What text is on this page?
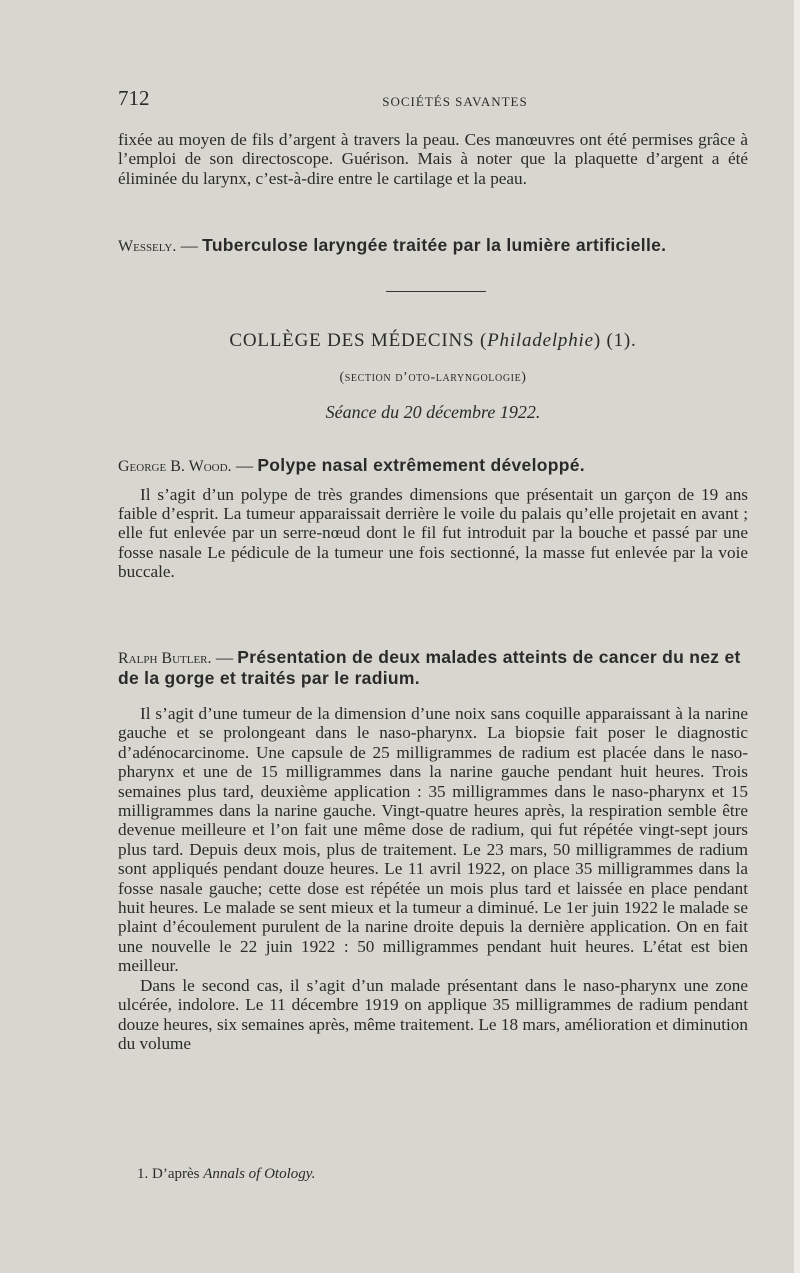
712	SOCIÉTÉS SAVANTES

fixée au moyen de fils d’argent à travers la peau. Ces manœuvres ont été permises grâce à l’emploi de son directoscope. Guérison. Mais à noter que la plaquette d’argent a été éliminée du larynx, c’est-à-dire entre le cartilage et la peau.

Wessely. — Tuberculose laryngée traitée par la lumière artificielle.

COLLÈGE DES MÉDECINS (Philadelphie) (1).
(section d’oto-laryngologie)
Séance du 20 décembre 1922.

George B. Wood. — Polype nasal extrêmement développé.

Il s’agit d’un polype de très grandes dimensions que présentait un garçon de 19 ans faible d’esprit. La tumeur apparaissait derrière le voile du palais qu’elle projetait en avant ; elle fut enlevée par un serre-nœud dont le fil fut introduit par la bouche et passé par une fosse nasale Le pédicule de la tumeur une fois sectionné, la masse fut enlevée par la voie buccale.

Ralph Butler. — Présentation de deux malades atteints de cancer du nez et de la gorge et traités par le radium.

Il s’agit d’une tumeur de la dimension d’une noix sans coquille apparaissant à la narine gauche et se prolongeant dans le naso-pharynx. La biopsie fait poser le diagnostic d’adénocarcinome. Une capsule de 25 milligrammes de radium est placée dans le naso-pharynx et une de 15 milligrammes dans la narine gauche pendant huit heures. Trois semaines plus tard, deuxième application : 35 milligrammes dans le naso-pharynx et 15 milligrammes dans la narine gauche. Vingt-quatre heures après, la respiration semble être devenue meilleure et l’on fait une même dose de radium, qui fut répétée vingt-sept jours plus tard. Depuis deux mois, plus de traitement. Le 23 mars, 50 milligrammes de radium sont appliqués pendant douze heures. Le 11 avril 1922, on place 35 milligrammes dans la fosse nasale gauche; cette dose est répétée un mois plus tard et laissée en place pendant huit heures. Le malade se sent mieux et la tumeur a diminué. Le 1er juin 1922 le malade se plaint d’écoulement purulent de la narine droite depuis la dernière application. On en fait une nouvelle le 22 juin 1922 : 50 milligrammes pendant huit heures. L’état est bien meilleur.

Dans le second cas, il s’agit d’un malade présentant dans le naso-pharynx une zone ulcérée, indolore. Le 11 décembre 1919 on applique 35 milligrammes de radium pendant douze heures, six semaines après, même traitement. Le 18 mars, amélioration et diminution du volume

1. D’après Annals of Otology.
